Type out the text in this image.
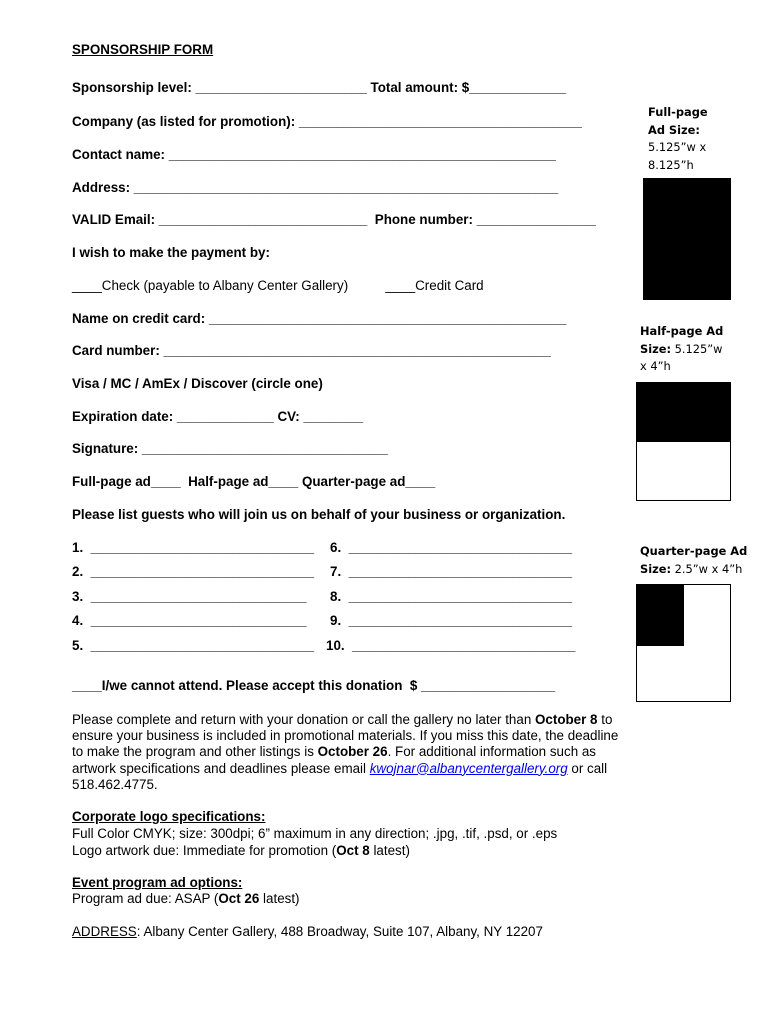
SPONSORSHIP FORM
Sponsorship level: _______________________ Total amount: $_____________
Company (as listed for promotion): ______________________________________
Contact name: ____________________________________________________
Address: _________________________________________________________
VALID Email: ____________________________  Phone number: ________________
I wish to make the payment by:
____Check (payable to Albany Center Gallery)          ____Credit Card
Name on credit card: ________________________________________________
Card number: ____________________________________________________
Visa / MC / AmEx / Discover (circle one)
Expiration date: _____________ CV: ________
Signature: _________________________________
Full-page ad____  Half-page ad____ Quarter-page ad____
Please list guests who will join us on behalf of your business or organization.
____I/we cannot attend. Please accept this donation  $ __________________
1.  ______________________________
2.  ______________________________
3.  _____________________________
4.  _____________________________
5.  ______________________________
6.  ______________________________
7.  ______________________________
8.  ______________________________
9.  ______________________________
10.  ______________________________
Please complete and return with your donation or call the gallery no later than October 8 to ensure your business is included in promotional materials. If you miss this date, the deadline to make the program and other listings is October 26. For additional information such as artwork specifications and deadlines please email kwojnar@albanycentergallery.org or call 518.462.4775.
Corporate logo specifications:
Full Color CMYK; size: 300dpi; 6” maximum in any direction; .jpg, .tif, .psd, or .eps
Logo artwork due: Immediate for promotion (Oct 8 latest)
Event program ad options:
Program ad due: ASAP (Oct 26 latest)
ADDRESS: Albany Center Gallery, 488 Broadway, Suite 107, Albany, NY 12207
Full-page
Ad Size:
5.125”w x
8.125”h
Half-page Ad
Size: 5.125”w
x 4”h
Quarter-page Ad
Size: 2.5”w x 4”h
